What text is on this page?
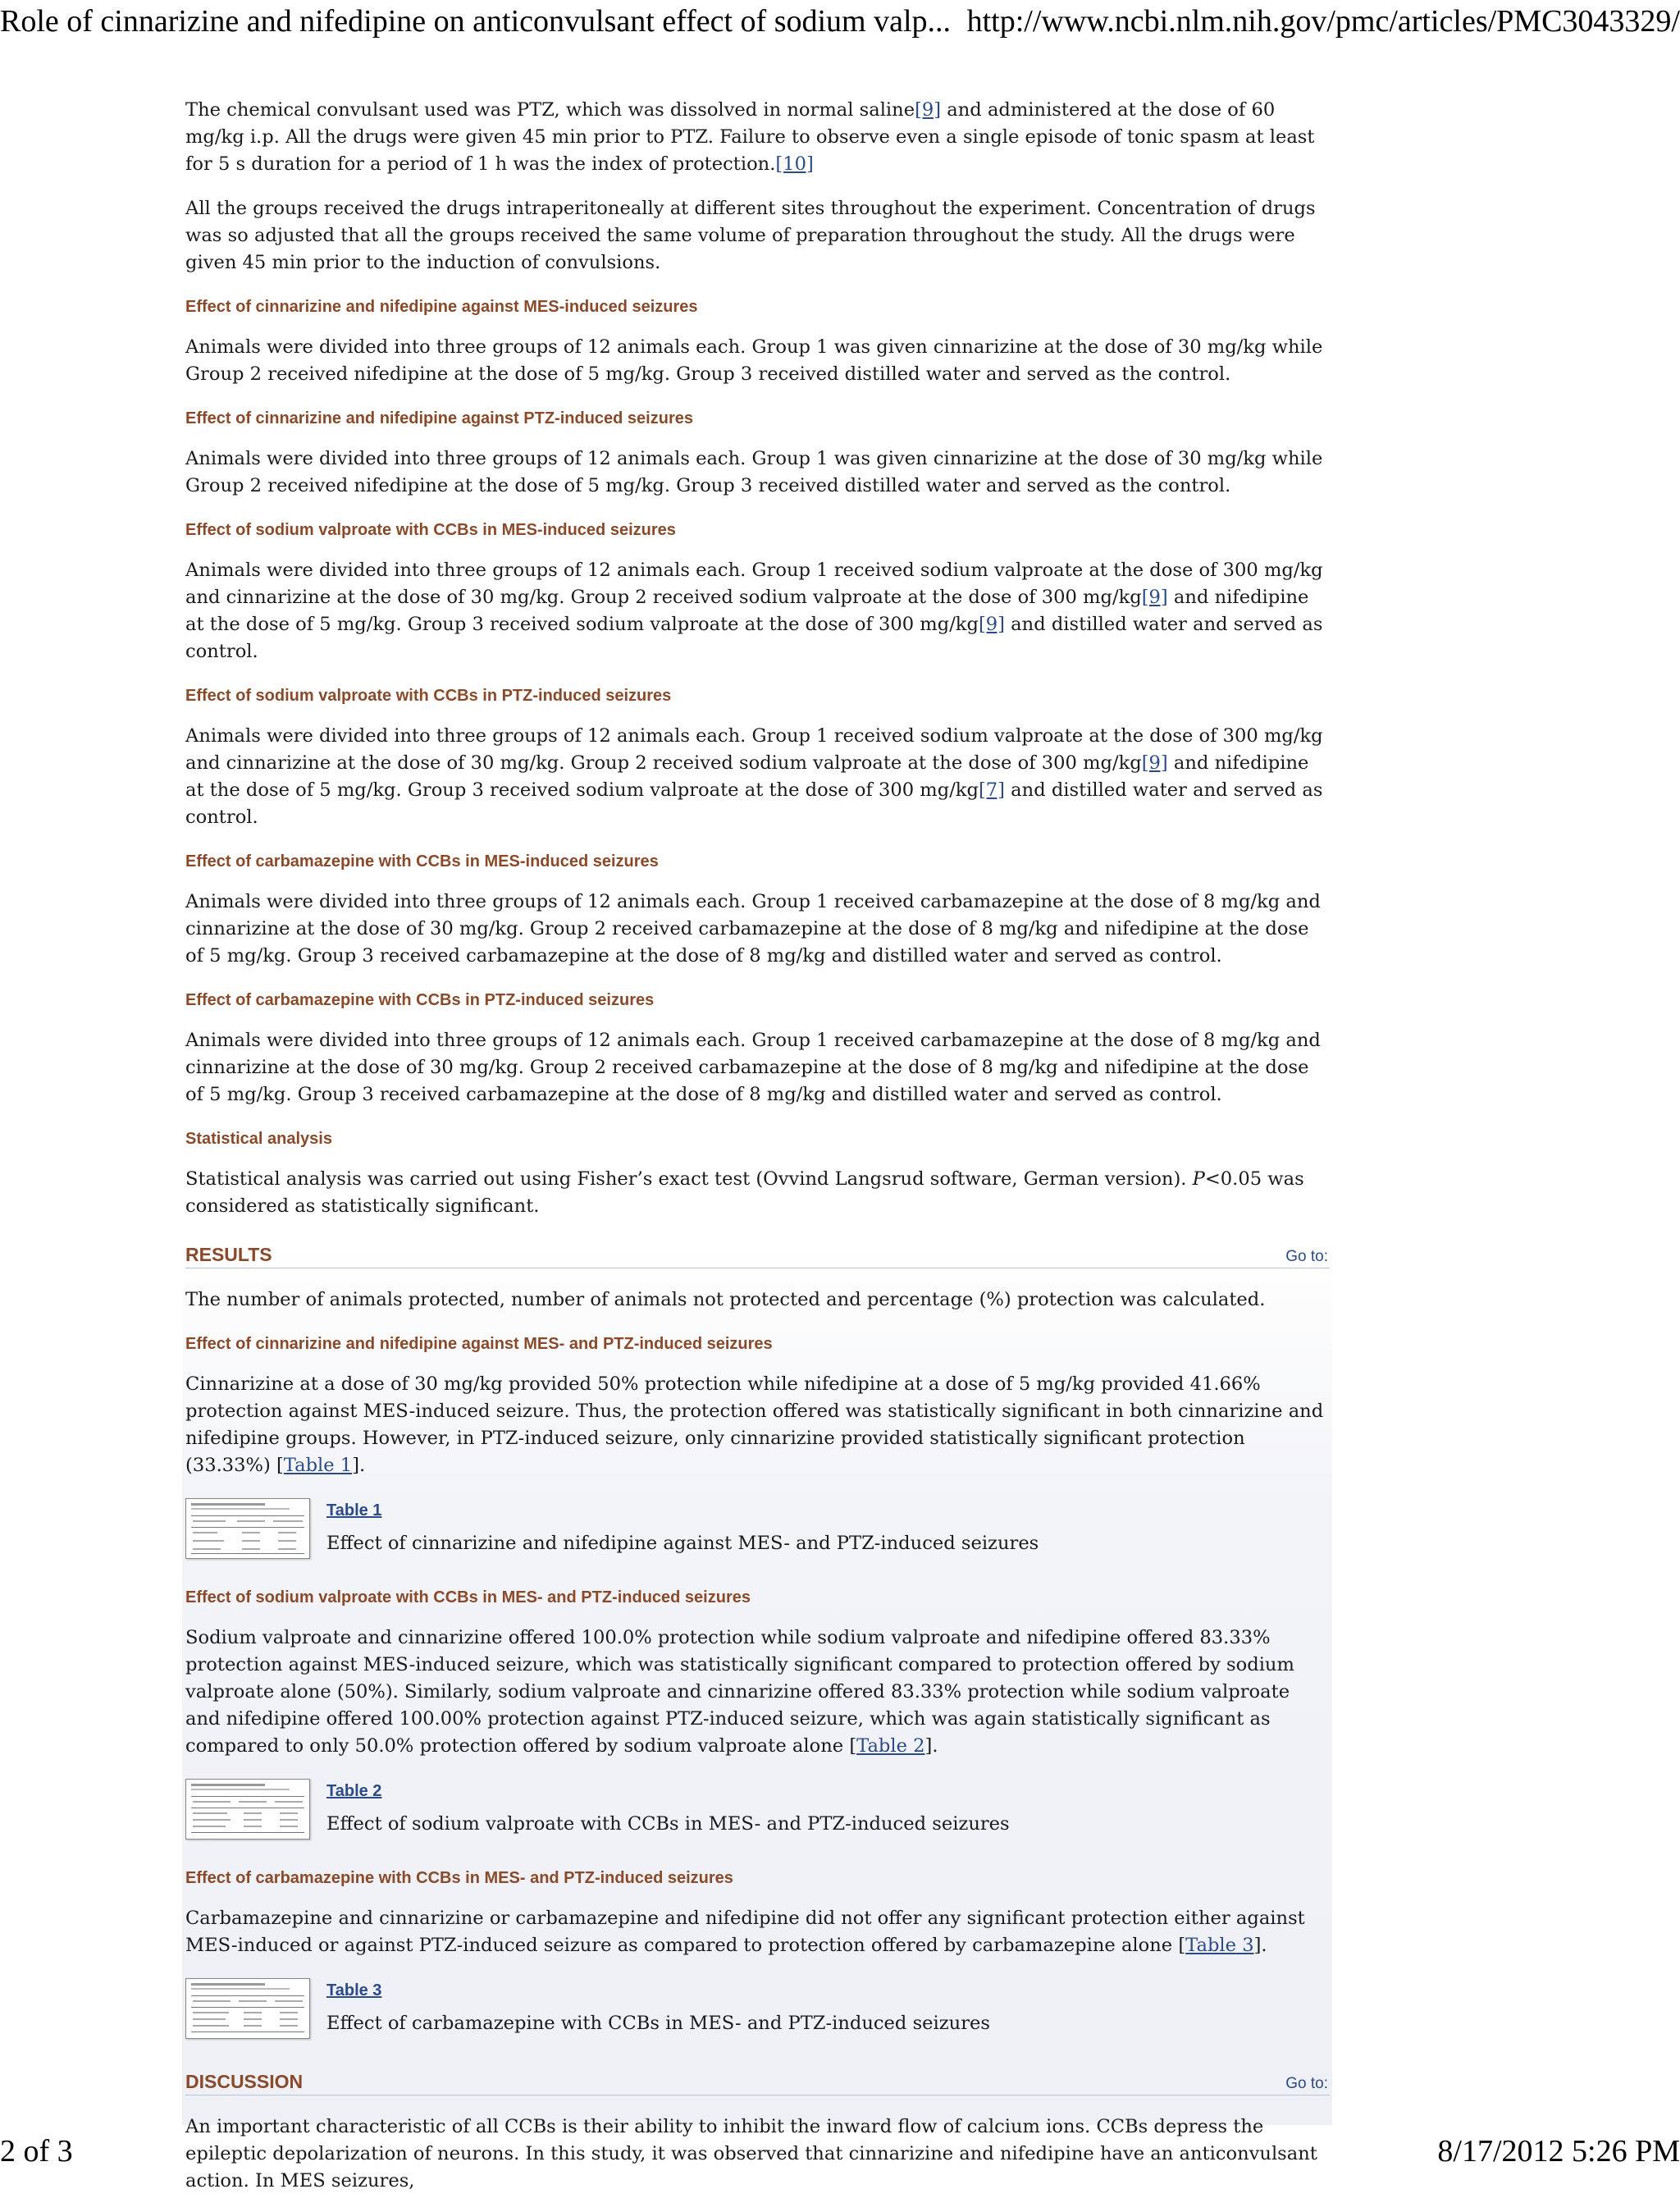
Role of cinnarizine and nifedipine on anticonvulsant effect of sodium valp... http://www.ncbi.nlm.nih.gov/pmc/articles/PMC3043329/

The chemical convulsant used was PTZ, which was dissolved in normal saline[9] and administered at the dose of 60 mg/kg i.p. All the drugs were given 45 min prior to PTZ. Failure to observe even a single episode of tonic spasm at least for 5 s duration for a period of 1 h was the index of protection.[10]

All the groups received the drugs intraperitoneally at different sites throughout the experiment. Concentration of drugs was so adjusted that all the groups received the same volume of preparation throughout the study. All the drugs were given 45 min prior to the induction of convulsions.

Effect of cinnarizine and nifedipine against MES-induced seizures

Animals were divided into three groups of 12 animals each. Group 1 was given cinnarizine at the dose of 30 mg/kg while Group 2 received nifedipine at the dose of 5 mg/kg. Group 3 received distilled water and served as the control.

Effect of cinnarizine and nifedipine against PTZ-induced seizures

Animals were divided into three groups of 12 animals each. Group 1 was given cinnarizine at the dose of 30 mg/kg while Group 2 received nifedipine at the dose of 5 mg/kg. Group 3 received distilled water and served as the control.

Effect of sodium valproate with CCBs in MES-induced seizures

Animals were divided into three groups of 12 animals each. Group 1 received sodium valproate at the dose of 300 mg/kg and cinnarizine at the dose of 30 mg/kg. Group 2 received sodium valproate at the dose of 300 mg/kg[9] and nifedipine at the dose of 5 mg/kg. Group 3 received sodium valproate at the dose of 300 mg/kg[9] and distilled water and served as control.

Effect of sodium valproate with CCBs in PTZ-induced seizures

Animals were divided into three groups of 12 animals each. Group 1 received sodium valproate at the dose of 300 mg/kg and cinnarizine at the dose of 30 mg/kg. Group 2 received sodium valproate at the dose of 300 mg/kg[9] and nifedipine at the dose of 5 mg/kg. Group 3 received sodium valproate at the dose of 300 mg/kg[7] and distilled water and served as control.

Effect of carbamazepine with CCBs in MES-induced seizures

Animals were divided into three groups of 12 animals each. Group 1 received carbamazepine at the dose of 8 mg/kg and cinnarizine at the dose of 30 mg/kg. Group 2 received carbamazepine at the dose of 8 mg/kg and nifedipine at the dose of 5 mg/kg. Group 3 received carbamazepine at the dose of 8 mg/kg and distilled water and served as control.

Effect of carbamazepine with CCBs in PTZ-induced seizures

Animals were divided into three groups of 12 animals each. Group 1 received carbamazepine at the dose of 8 mg/kg and cinnarizine at the dose of 30 mg/kg. Group 2 received carbamazepine at the dose of 8 mg/kg and nifedipine at the dose of 5 mg/kg. Group 3 received carbamazepine at the dose of 8 mg/kg and distilled water and served as control.

Statistical analysis

Statistical analysis was carried out using Fisher’s exact test (Ovvind Langsrud software, German version). P<0.05 was considered as statistically significant.

RESULTS	Go to:

The number of animals protected, number of animals not protected and percentage (%) protection was calculated.

Effect of cinnarizine and nifedipine against MES- and PTZ-induced seizures

Cinnarizine at a dose of 30 mg/kg provided 50% protection while nifedipine at a dose of 5 mg/kg provided 41.66% protection against MES-induced seizure. Thus, the protection offered was statistically significant in both cinnarizine and nifedipine groups. However, in PTZ-induced seizure, only cinnarizine provided statistically significant protection (33.33%) [Table 1].

Table 1
Effect of cinnarizine and nifedipine against MES- and PTZ-induced seizures
Effect of sodium valproate with CCBs in MES- and PTZ-induced seizures

Sodium valproate and cinnarizine offered 100.0% protection while sodium valproate and nifedipine offered 83.33% protection against MES-induced seizure, which was statistically significant compared to protection offered by sodium valproate alone (50%). Similarly, sodium valproate and cinnarizine offered 83.33% protection while sodium valproate and nifedipine offered 100.00% protection against PTZ-induced seizure, which was again statistically significant as compared to only 50.0% protection offered by sodium valproate alone [Table 2].

Table 2
Effect of sodium valproate with CCBs in MES- and PTZ-induced seizures
Effect of carbamazepine with CCBs in MES- and PTZ-induced seizures

Carbamazepine and cinnarizine or carbamazepine and nifedipine did not offer any significant protection either against MES-induced or against PTZ-induced seizure as compared to protection offered by carbamazepine alone [Table 3].

Table 3
Effect of carbamazepine with CCBs in MES- and PTZ-induced seizures
DISCUSSION	Go to:

An important characteristic of all CCBs is their ability to inhibit the inward flow of calcium ions. CCBs depress the epileptic depolarization of neurons. In this study, it was observed that cinnarizine and nifedipine have an anticonvulsant action. In MES seizures,

2 of 3	8/17/2012 5:26 PM
